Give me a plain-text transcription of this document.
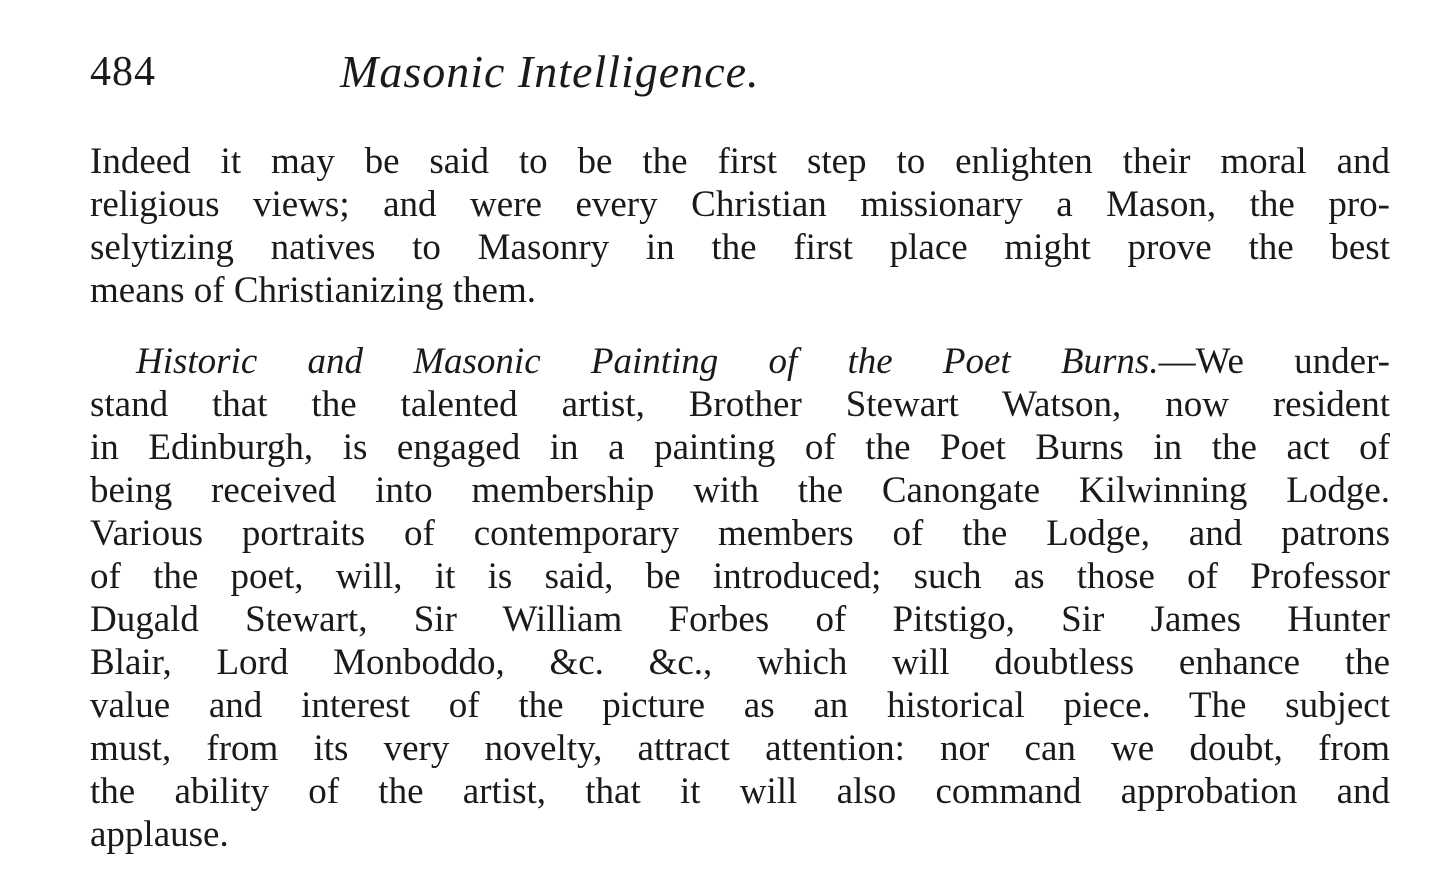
484	Masonic Intelligence.
Indeed it may be said to be the first step to enlighten their moral and
religious views; and were every Christian missionary a Mason, the pro-
selytizing natives to Masonry in the first place might prove the best
means of Christianizing them.
Historic and Masonic Painting of the Poet Burns.—We under-
stand that the talented artist, Brother Stewart Watson, now resident
in Edinburgh, is engaged in a painting of the Poet Burns in the act of
being received into membership with the Canongate Kilwinning Lodge.
Various portraits of contemporary members of the Lodge, and patrons
of the poet, will, it is said, be introduced; such as those of Professor
Dugald Stewart, Sir William Forbes of Pitstigo, Sir James Hunter
Blair, Lord Monboddo, &c. &c., which will doubtless enhance the
value and interest of the picture as an historical piece. The subject
must, from its very novelty, attract attention: nor can we doubt, from
the ability of the artist, that it will also command approbation and
applause.
